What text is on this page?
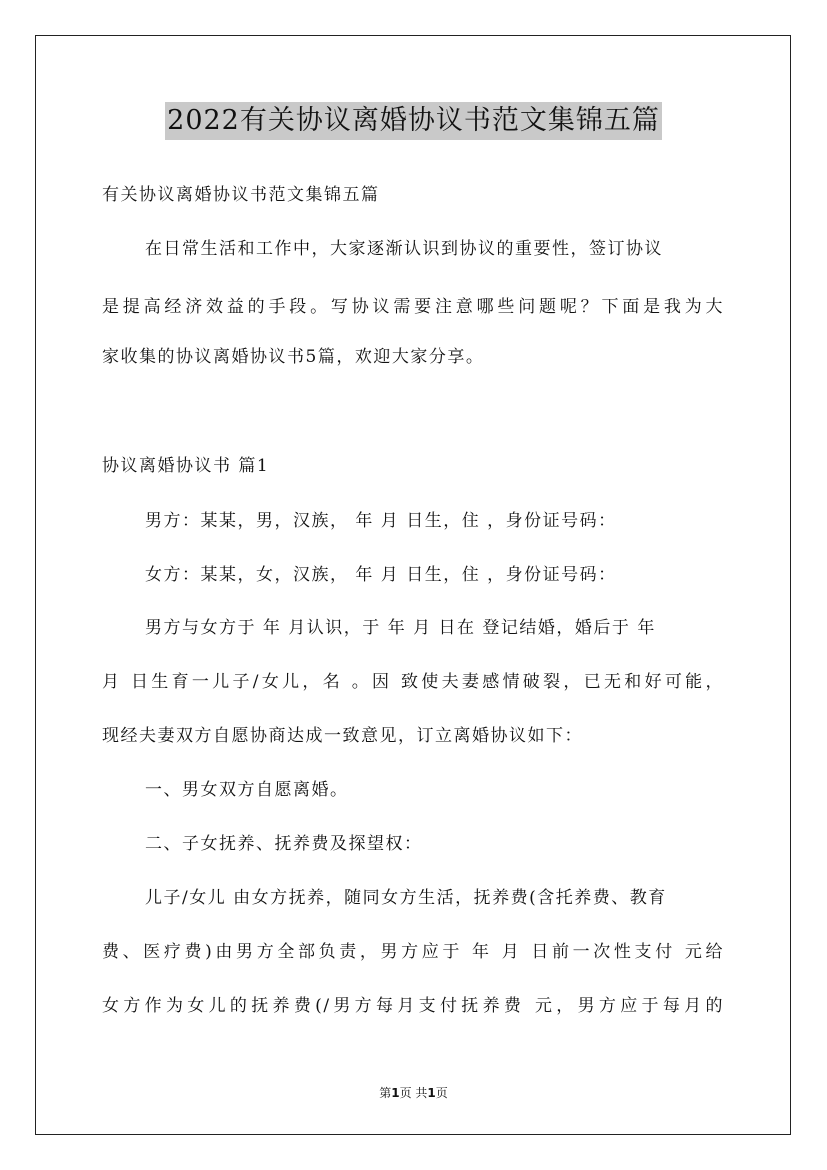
2022有关协议离婚协议书范文集锦五篇
有关协议离婚协议书范文集锦五篇
在日常生活和工作中，大家逐渐认识到协议的重要性，签订协议
是提高经济效益的手段。写协议需要注意哪些问题呢？下面是我为大
家收集的协议离婚协议书5篇，欢迎大家分享。
协议离婚协议书 篇1
男方：某某，男，汉族， 年 月 日生，住 ，身份证号码：
女方：某某，女，汉族， 年 月 日生，住 ，身份证号码：
男方与女方于 年 月认识，于 年 月 日在 登记结婚，婚后于 年
月 日生育一儿子/女儿，名 。因 致使夫妻感情破裂，已无和好可能，
现经夫妻双方自愿协商达成一致意见，订立离婚协议如下：
一、男女双方自愿离婚。
二、子女抚养、抚养费及探望权：
儿子/女儿 由女方抚养，随同女方生活，抚养费(含托养费、教育
费、医疗费)由男方全部负责，男方应于 年 月 日前一次性支付 元给
女方作为女儿的抚养费(/男方每月支付抚养费 元，男方应于每月的
第1页 共1页
